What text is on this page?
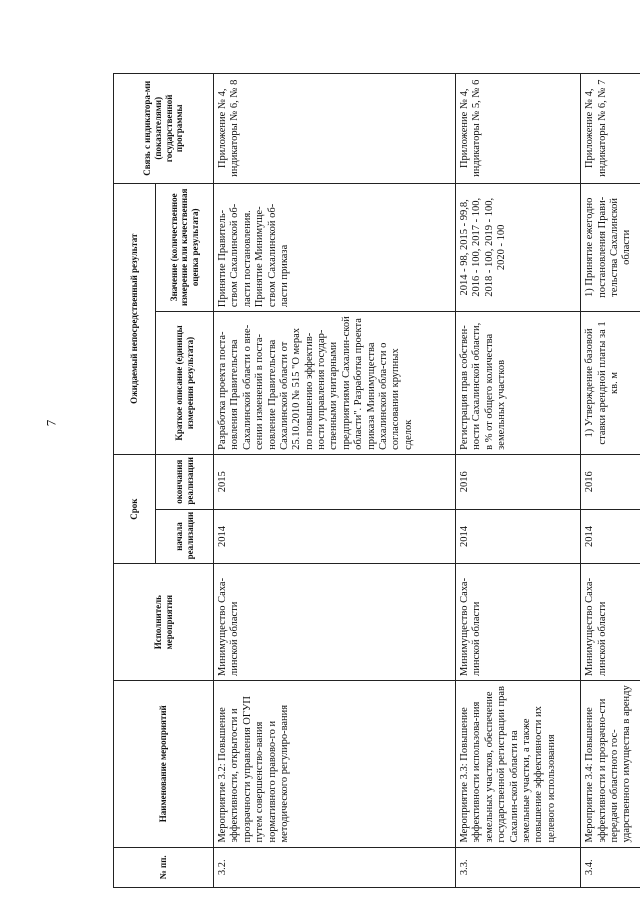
7
№ пп.	Наименование мероприятий	Исполнитель мероприятия	Срок		Ожидаемый непосредственный результат		Связь с индикатора-ми (показателями) государственной программы
			начала реализации	окончания реализации	Краткое описание (единицы измерения результата)	Значение (количественное измерение или качественная оценка результата)	
3.2.	Мероприятие 3.2: Повышение эффективности, открытости и прозрачности управления ОГУП путем совершенство-вания нормативного правово-го и методического регулиро-вания	Минимущество Саха-линской области	2014	2015	Разработка проекта поста-новления Правительства Сахалинской области о вне-сении изменений в поста-новление Правительства Сахалинской области от 25.10.2010 № 515 "О мерах по повышению эффектив-ности управления государ-ственными унитарными предприятиями Сахалин-ской области". Разработка проекта приказа Минимущества Сахалинской обла-сти о согласовании крупных сделок	Принятие Правитель-ством Сахалинской об-ласти постановления. Принятие Минимуще-ством Сахалинской об-ласти приказа	Приложение № 4, индикаторы № 6, № 8
3.3.	Мероприятие 3.3: Повышение эффективности использова-ния земельных участков, обеспечение государственной регистрации прав Сахалин-ской области на земельные участки, а также повышение эффективности их целевого использования	Минимущество Саха-линской области	2014	2016	Регистрация прав собствен-ности Сахалинской области, в % от общего количества земельных участков	2014 - 98, 2015 - 99,8, 2016 - 100, 2017 - 100, 2018 - 100, 2019 - 100, 2020 - 100	Приложение № 4, индикаторы № 5, № 6
3.4.	Мероприятие 3.4: Повышение эффективности и прозрачно-сти передачи областного гос-ударственного имущества в аренду	Минимущество Саха-линской области	2014	2016	1) Утверждение базовой ставки арендной платы за 1 кв. м	1) Принятие ежегодно постановления Прави-тельства Сахалинской области	Приложение № 4, индикаторы № 6, № 7
